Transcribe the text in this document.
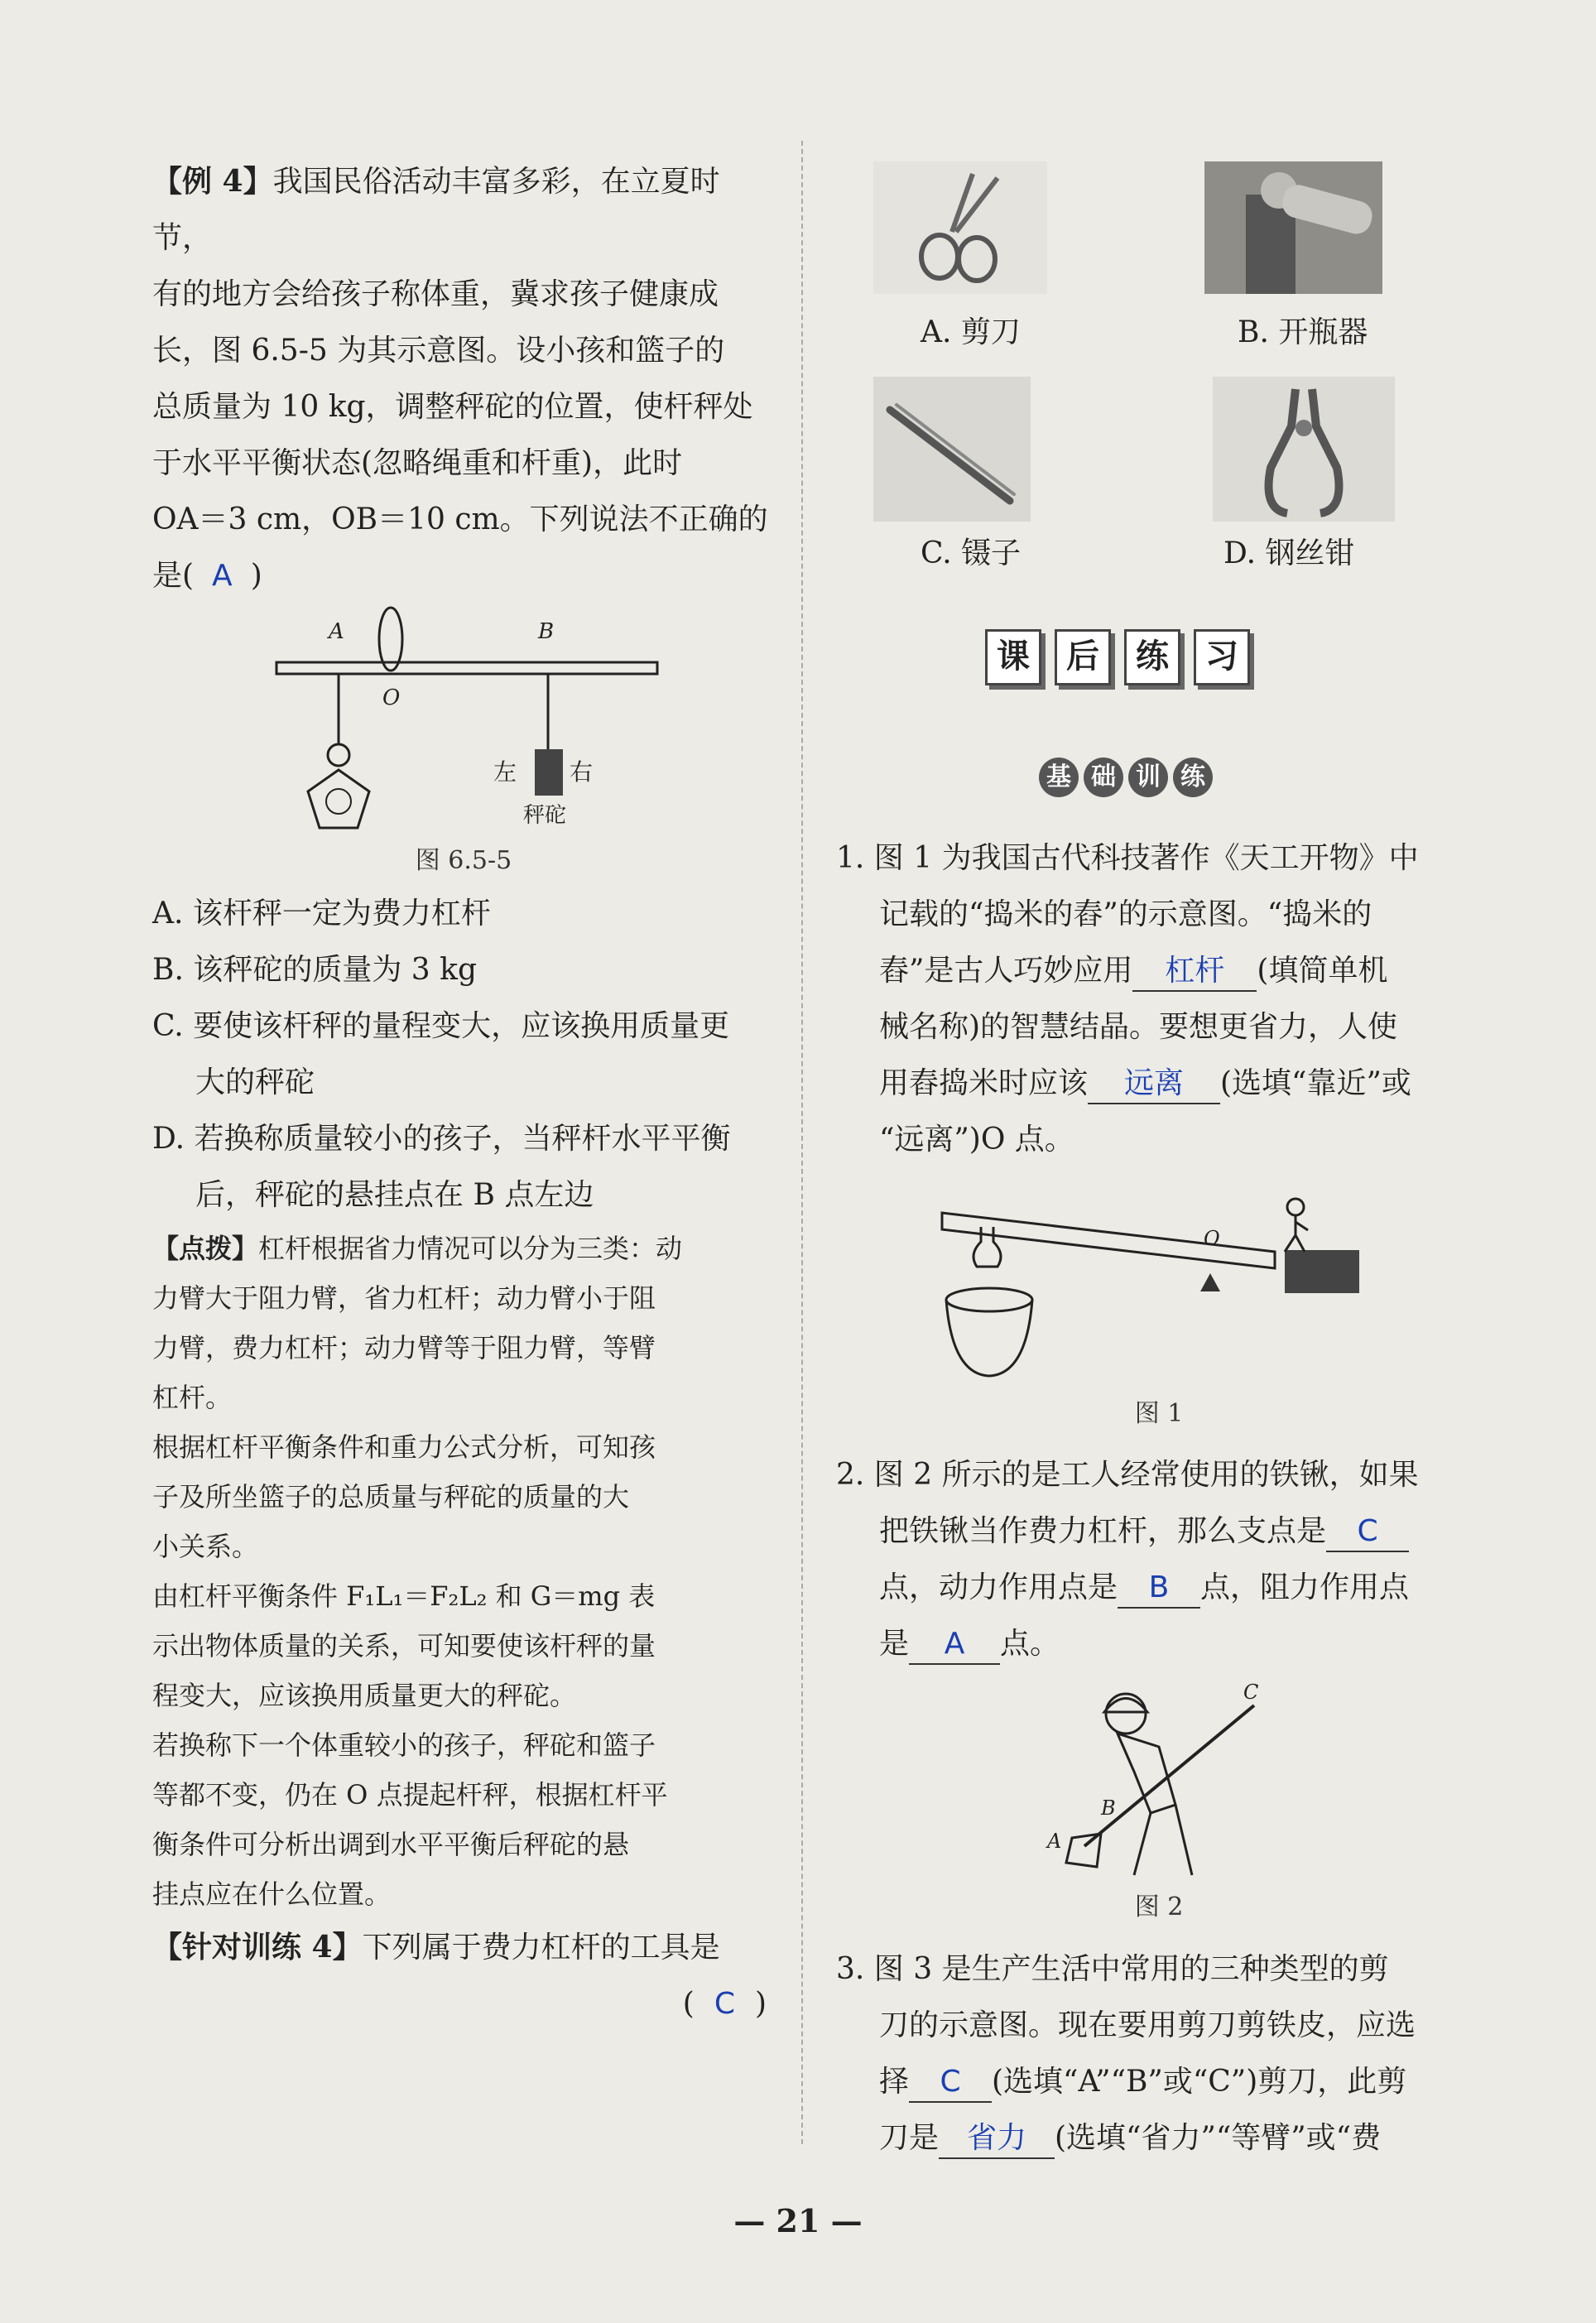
【例 4】我国民俗活动丰富多彩，在立夏时节，

有的地方会给孩子称体重，冀求孩子健康成

长，图 6.5-5 为其示意图。设小孩和篮子的

总质量为 10 kg，调整秤砣的位置，使杆秤处

于水平平衡状态(忽略绳重和杆重)，此时

OA＝3 cm，OB＝10 cm。下列说法不正确的

是( A )

A
O
B
左 右
秤砣
图 6.5-5

A. 该杆秤一定为费力杠杆

B. 该秤砣的质量为 3 kg

C. 要使该杆秤的量程变大，应该换用质量更

大的秤砣

D. 若换称质量较小的孩子，当秤杆水平平衡

后，秤砣的悬挂点在 B 点左边

【点拨】杠杆根据省力情况可以分为三类：动

力臂大于阻力臂，省力杠杆；动力臂小于阻

力臂，费力杠杆；动力臂等于阻力臂，等臂

杠杆。

根据杠杆平衡条件和重力公式分析，可知孩

子及所坐篮子的总质量与秤砣的质量的大

小关系。

由杠杆平衡条件 F₁L₁＝F₂L₂ 和 G＝mg 表

示出物体质量的关系，可知要使该杆秤的量

程变大，应该换用质量更大的秤砣。

若换称下一个体重较小的孩子，秤砣和篮子

等都不变，仍在 O 点提起杆秤，根据杠杆平

衡条件可分析出调到水平平衡后秤砣的悬

挂点应在什么位置。

【针对训练 4】下列属于费力杠杆的工具是

( C )

A. 剪刀	B. 开瓶器
C. 镊子	D. 钢丝钳
课	后	练	习
基 础 训 练

1. 图 1 为我国古代科技著作《天工开物》中

记载的“捣米的舂”的示意图。“捣米的

舂”是古人巧妙应用 杠杆 (填简单机

械名称)的智慧结晶。要想更省力，人使

用舂捣米时应该 远离 (选填“靠近”或

“远离”)O 点。

O
图 1

2. 图 2 所示的是工人经常使用的铁锹，如果

把铁锹当作费力杠杆，那么支点是 C

点，动力作用点是 B 点，阻力作用点

是 A 点。

C
B
A
图 2

3. 图 3 是生产生活中常用的三种类型的剪

刀的示意图。现在要用剪刀剪铁皮，应选

择 C (选填“A”“B”或“C”)剪刀，此剪

刀是 省力 (选填“省力”“等臂”或“费

— 21 —
